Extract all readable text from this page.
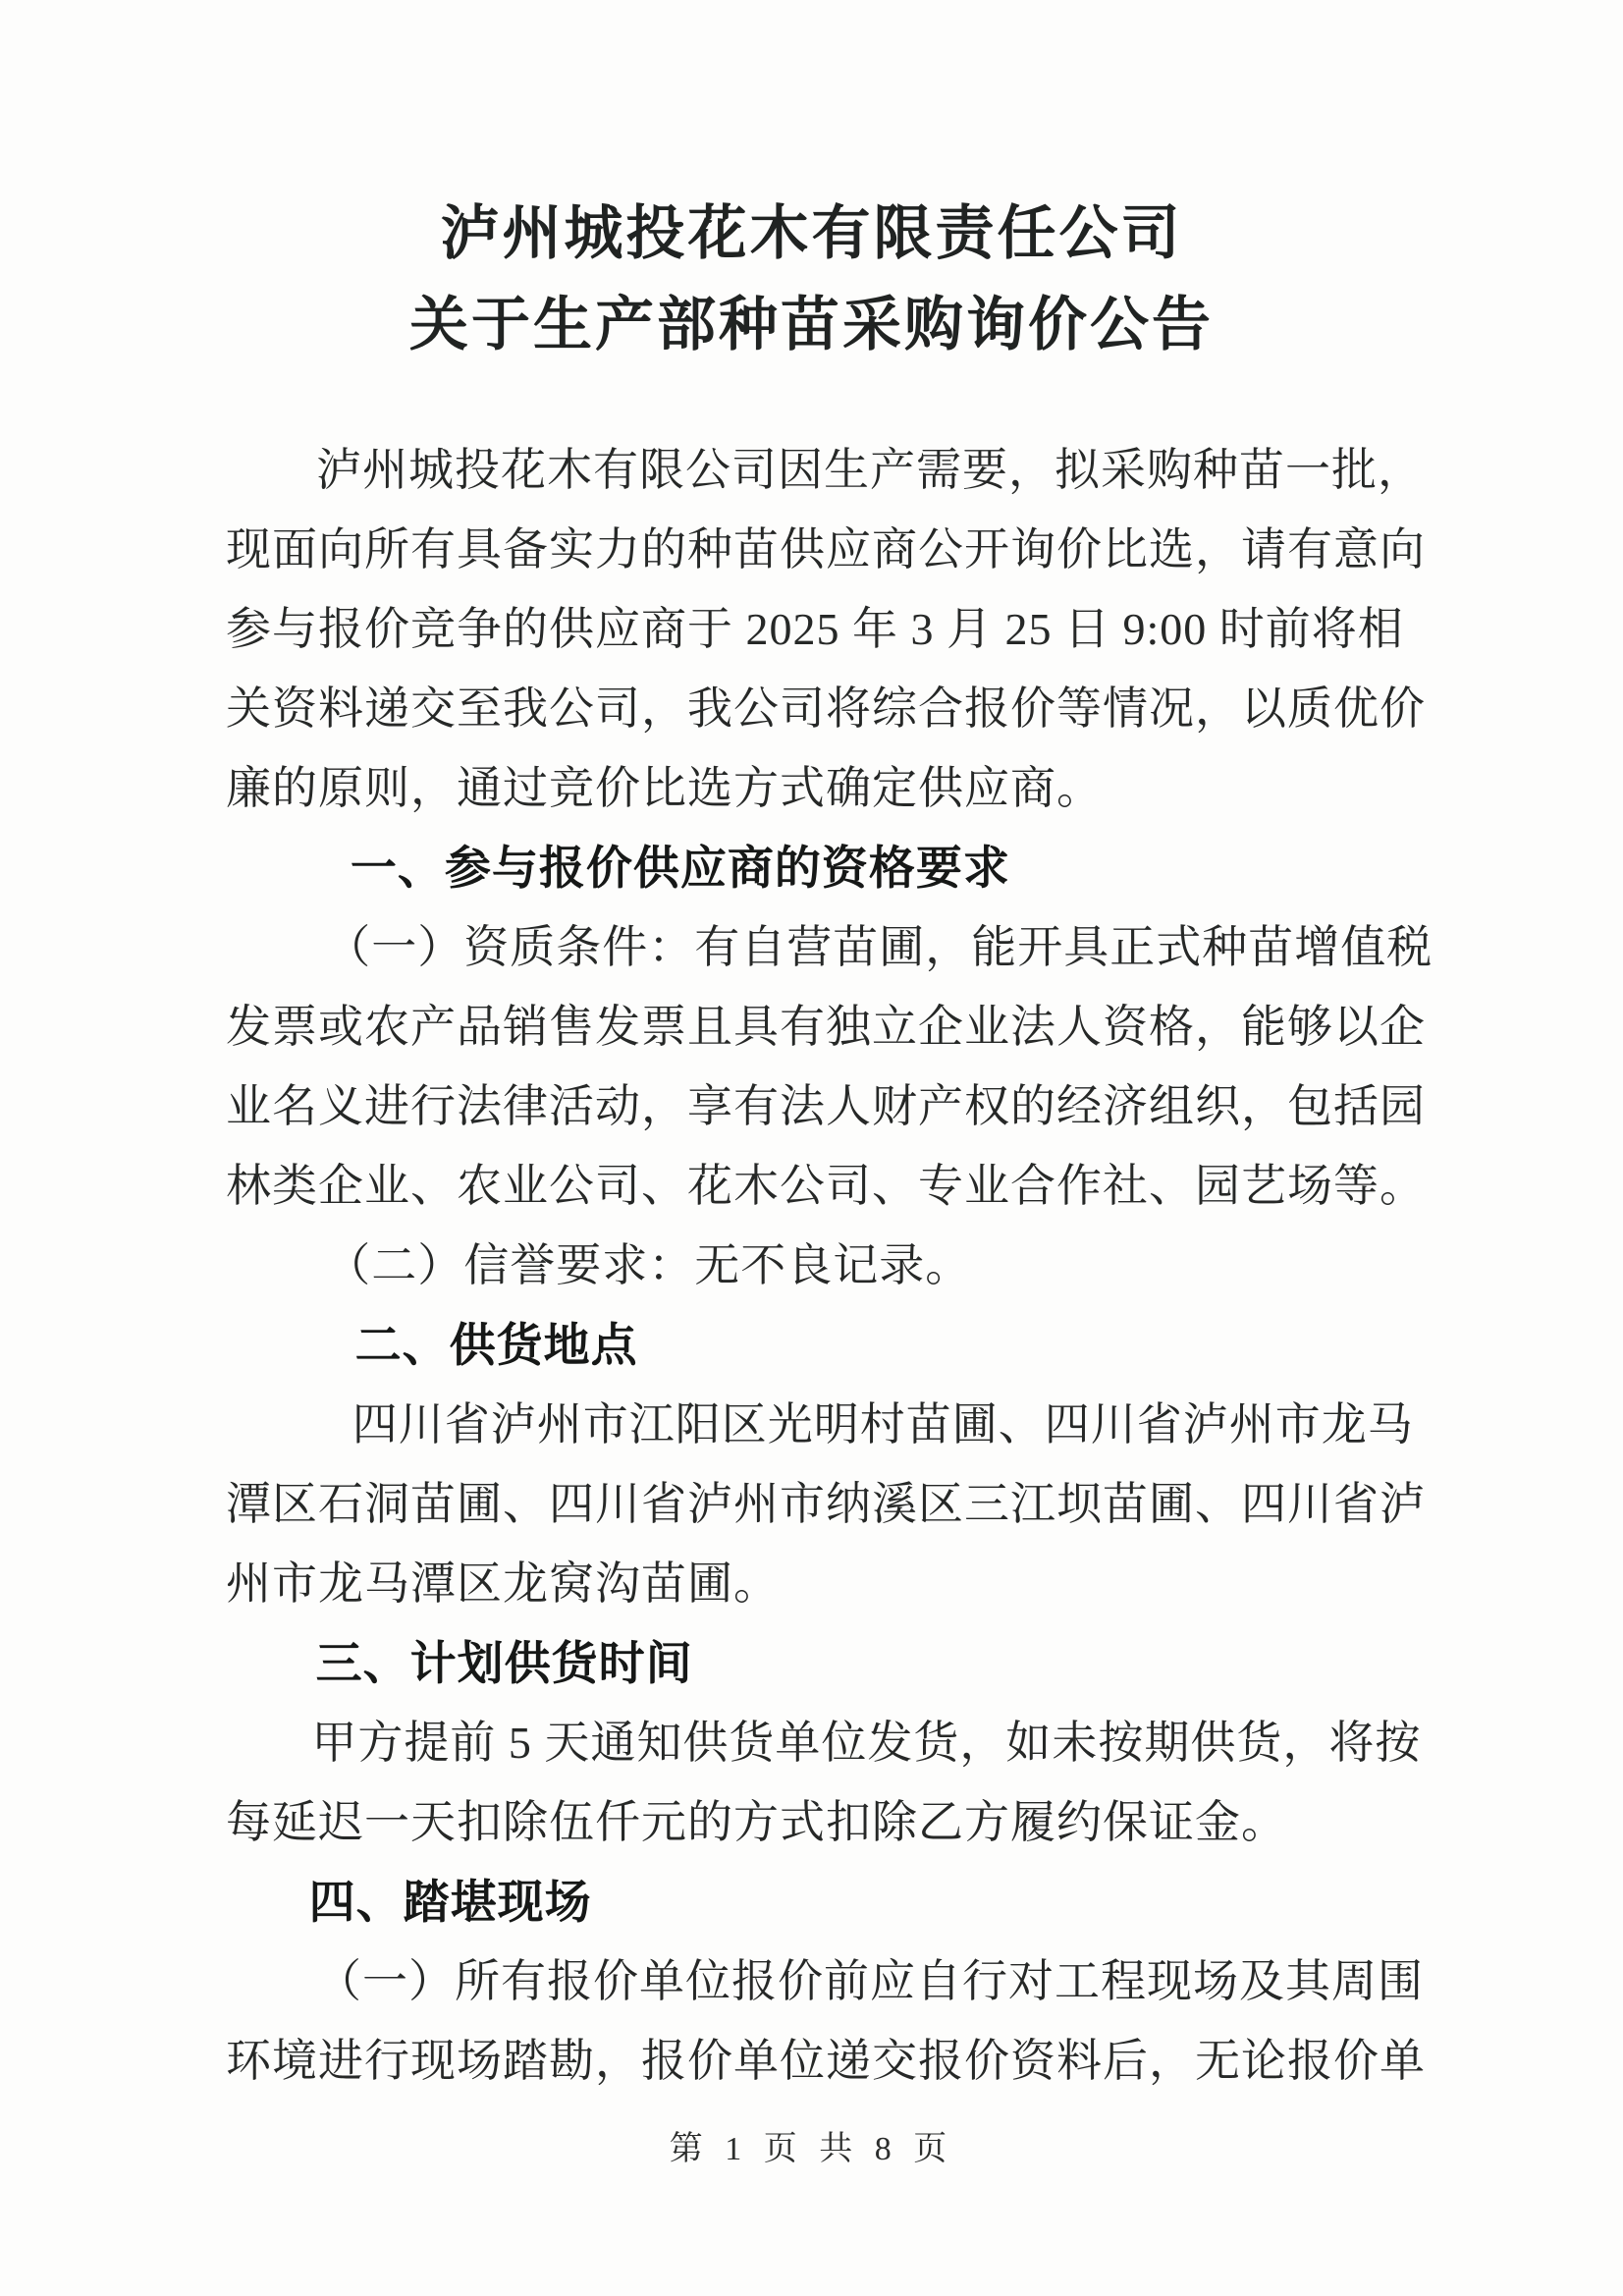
泸州城投花木有限责任公司
关于生产部种苗采购询价公告
泸州城投花木有限公司因生产需要，拟采购种苗一批，
现面向所有具备实力的种苗供应商公开询价比选，请有意向
参与报价竞争的供应商于 2025 年 3 月 25 日 9:00 时前将相
关资料递交至我公司，我公司将综合报价等情况，以质优价
廉的原则，通过竞价比选方式确定供应商。
一、参与报价供应商的资格要求
（一）资质条件：有自营苗圃，能开具正式种苗增值税
发票或农产品销售发票且具有独立企业法人资格，能够以企
业名义进行法律活动，享有法人财产权的经济组织，包括园
林类企业、农业公司、花木公司、专业合作社、园艺场等。
（二）信誉要求：无不良记录。
二、供货地点
四川省泸州市江阳区光明村苗圃、四川省泸州市龙马
潭区石洞苗圃、四川省泸州市纳溪区三江坝苗圃、四川省泸
州市龙马潭区龙窝沟苗圃。
三、计划供货时间
甲方提前 5 天通知供货单位发货，如未按期供货，将按
每延迟一天扣除伍仟元的方式扣除乙方履约保证金。
四、踏堪现场
（一）所有报价单位报价前应自行对工程现场及其周围
环境进行现场踏勘，报价单位递交报价资料后，无论报价单
第 1 页 共 8 页
